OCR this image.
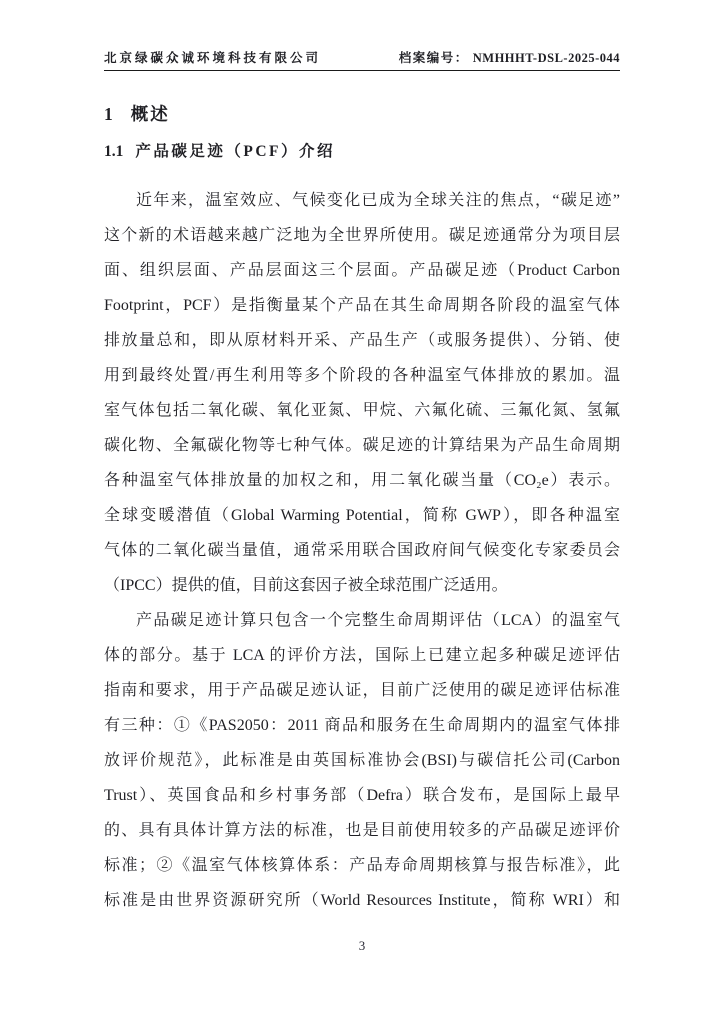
北京绿碳众诚环境科技有限公司	档案编号： NMHHHT-DSL-2025-044
1 概述
1.1 产品碳足迹（PCF）介绍
近年来，温室效应、气候变化已成为全球关注的焦点，“碳足迹”
这个新的术语越来越广泛地为全世界所使用。碳足迹通常分为项目层
面、组织层面、产品层面这三个层面。产品碳足迹（Product Carbon
Footprint，PCF）是指衡量某个产品在其生命周期各阶段的温室气体
排放量总和，即从原材料开采、产品生产（或服务提供）、分销、使
用到最终处置/再生利用等多个阶段的各种温室气体排放的累加。温
室气体包括二氧化碳、氧化亚氮、甲烷、六氟化硫、三氟化氮、氢氟
碳化物、全氟碳化物等七种气体。碳足迹的计算结果为产品生命周期
各种温室气体排放量的加权之和，用二氧化碳当量（CO₂e）表示。
全球变暖潜值（Global Warming Potential，简称 GWP），即各种温室
气体的二氧化碳当量值，通常采用联合国政府间气候变化专家委员会
（IPCC）提供的值，目前这套因子被全球范围广泛适用。
产品碳足迹计算只包含一个完整生命周期评估（LCA）的温室气
体的部分。基于 LCA 的评价方法，国际上已建立起多种碳足迹评估
指南和要求，用于产品碳足迹认证，目前广泛使用的碳足迹评估标准
有三种：①《PAS2050：2011 商品和服务在生命周期内的温室气体排
放评价规范》，此标准是由英国标准协会(BSI)与碳信托公司(Carbon
Trust）、英国食品和乡村事务部（Defra）联合发布，是国际上最早
的、具有具体计算方法的标准，也是目前使用较多的产品碳足迹评价
标准；②《温室气体核算体系：产品寿命周期核算与报告标准》，此
标准是由世界资源研究所（World Resources Institute，简称 WRI）和
3
